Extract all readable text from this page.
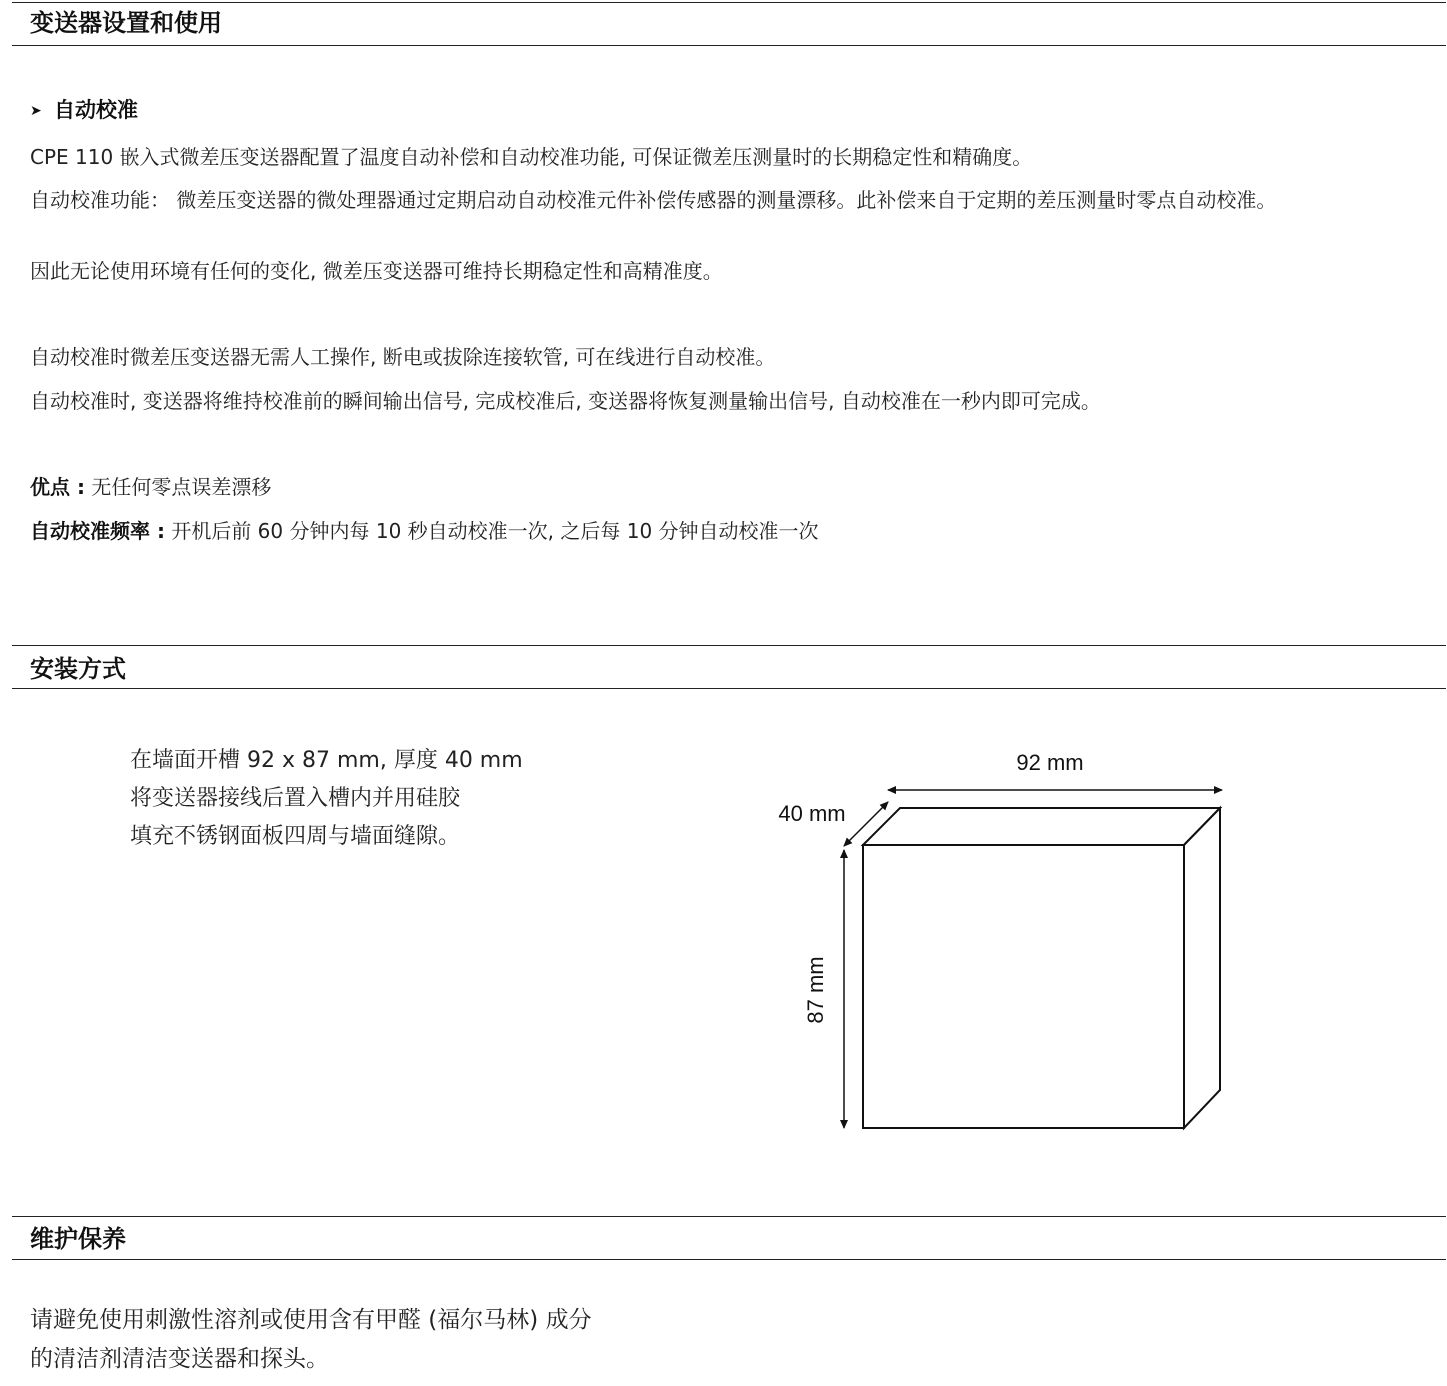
变送器设置和使用
➤ 自动校准
CPE 110 嵌入式微差压变送器配置了温度自动补偿和自动校准功能, 可保证微差压测量时的长期稳定性和精确度。
自动校准功能： 微差压变送器的微处理器通过定期启动自动校准元件补偿传感器的测量漂移。此补偿来自于定期的差压测量时零点自动校准。
因此无论使用环境有任何的变化, 微差压变送器可维持长期稳定性和高精准度。
自动校准时微差压变送器无需人工操作, 断电或拔除连接软管, 可在线进行自动校准。
自动校准时, 变送器将维持校准前的瞬间输出信号, 完成校准后, 变送器将恢复测量输出信号, 自动校准在一秒内即可完成。
优点 : 无任何零点误差漂移
自动校准频率 : 开机后前 60 分钟内每 10 秒自动校准一次, 之后每 10 分钟自动校准一次
安装方式
在墙面开槽 92 x 87 mm, 厚度 40 mm
将变送器接线后置入槽内并用硅胶
填充不锈钢面板四周与墙面缝隙。
92 mm
40 mm
87 mm
维护保养
请避免使用刺激性溶剂或使用含有甲醛 (福尔马林) 成分
的清洁剂清洁变送器和探头。
